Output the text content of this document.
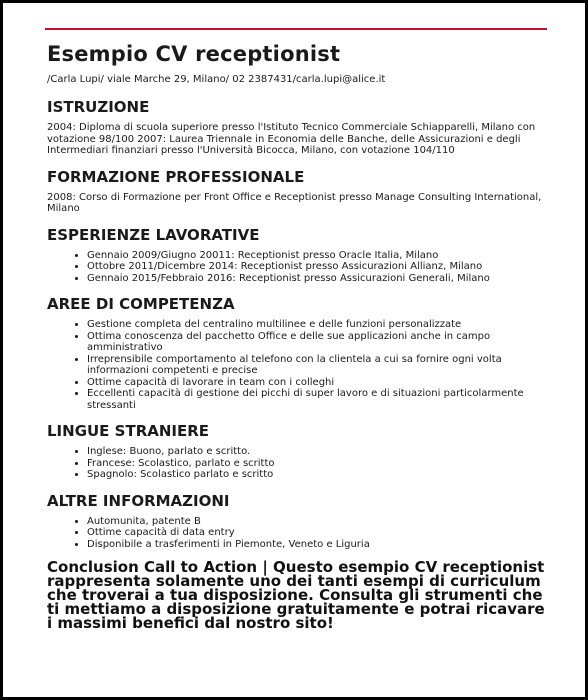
Esempio CV receptionist
/Carla Lupi/ viale Marche 29, Milano/ 02 2387431/carla.lupi@alice.it
ISTRUZIONE
2004: Diploma di scuola superiore presso l'Istituto Tecnico Commerciale Schiapparelli, Milano con votazione 98/100 2007: Laurea Triennale in Economia delle Banche, delle Assicurazioni e degli Intermediari finanziari presso l'Università Bicocca, Milano, con votazione 104/110
FORMAZIONE PROFESSIONALE
2008: Corso di Formazione per Front Office e Receptionist presso Manage Consulting International, Milano
ESPERIENZE LAVORATIVE
• Gennaio 2009/Giugno 20011: Receptionist presso Oracle Italia, Milano
• Ottobre 2011/Dicembre 2014: Receptionist presso Assicurazioni Allianz, Milano
• Gennaio 2015/Febbraio 2016: Receptionist presso Assicurazioni Generali, Milano
AREE DI COMPETENZA
• Gestione completa del centralino multilinee e delle funzioni personalizzate
• Ottima conoscenza del pacchetto Office e delle sue applicazioni anche in campo amministrativo
• Irreprensibile comportamento al telefono con la clientela a cui sa fornire ogni volta informazioni competenti e precise
• Ottime capacità di lavorare in team con i colleghi
• Eccellenti capacità di gestione dei picchi di super lavoro e di situazioni particolarmente stressanti
LINGUE STRANIERE
• Inglese: Buono, parlato e scritto.
• Francese: Scolastico, parlato e scritto
• Spagnolo: Scolastico parlato e scritto
ALTRE INFORMAZIONI
• Automunita, patente B
• Ottime capacità di data entry
• Disponibile a trasferimenti in Piemonte, Veneto e Liguria
Conclusion Call to Action | Questo esempio CV receptionist rappresenta solamente uno dei tanti esempi di curriculum che troverai a tua disposizione. Consulta gli strumenti che ti mettiamo a disposizione gratuitamente e potrai ricavare i massimi benefici dal nostro sito!
